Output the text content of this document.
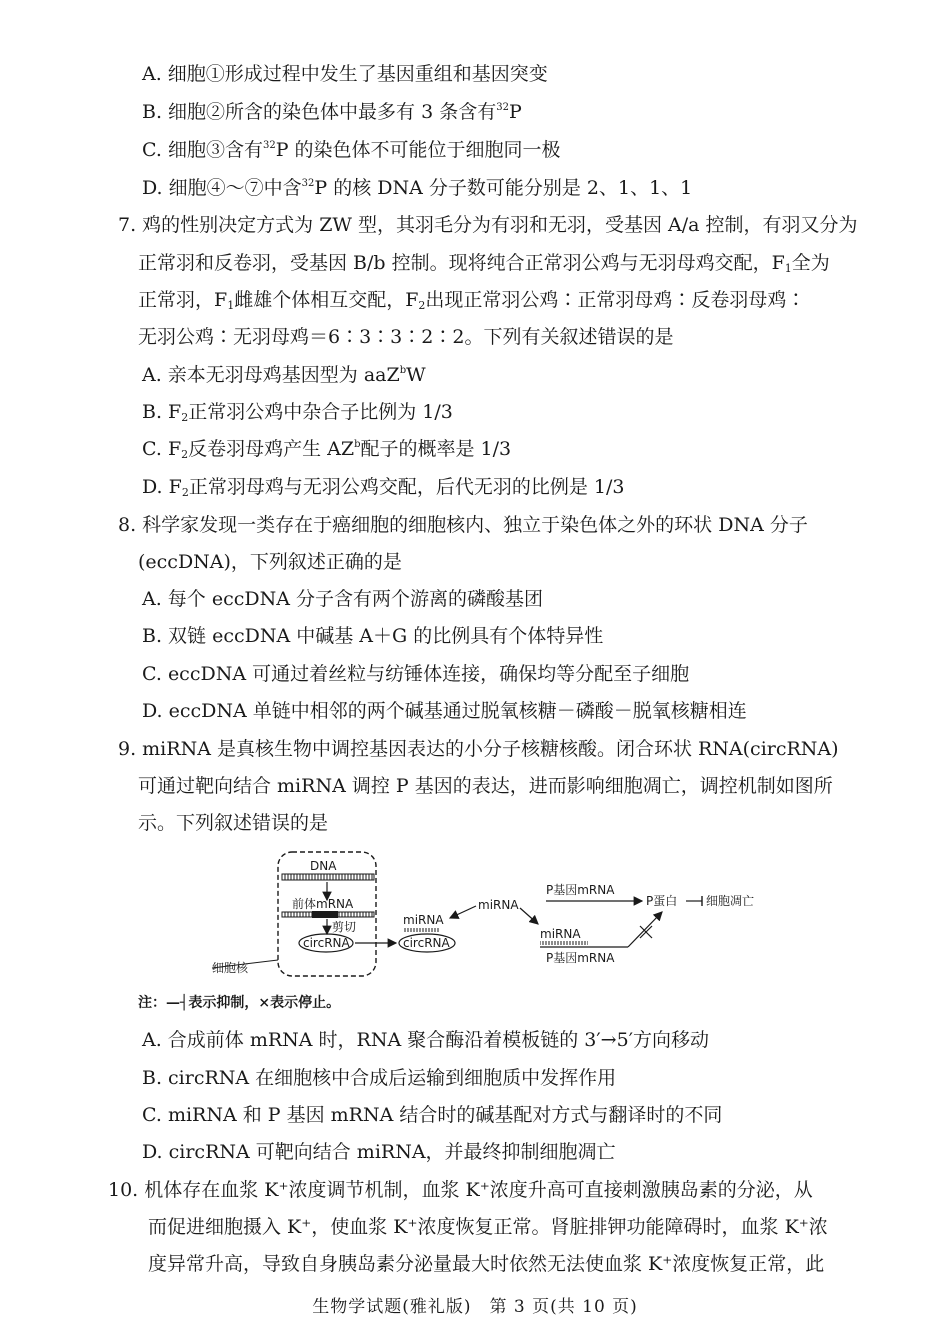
A. 细胞①形成过程中发生了基因重组和基因突变
B. 细胞②所含的染色体中最多有 3 条含有$^{32}$P
C. 细胞③含有$^{32}$P 的染色体不可能位于细胞同一极
D. 细胞④～⑦中含$^{32}$P 的核 DNA 分子数可能分别是 2、1、1、1
7. 鸡的性别决定方式为 ZW 型，其羽毛分为有羽和无羽，受基因 A/a 控制，有羽又分为
正常羽和反卷羽，受基因 B/b 控制。现将纯合正常羽公鸡与无羽母鸡交配，$F_1$全为
正常羽，$F_1$雌雄个体相互交配，$F_2$出现正常羽公鸡∶正常羽母鸡∶反卷羽母鸡∶
无羽公鸡∶无羽母鸡＝6∶3∶3∶2∶2。下列有关叙述错误的是
A. 亲本无羽母鸡基因型为 aaZ$^b$W
B. $F_2$正常羽公鸡中杂合子比例为 1/3
C. $F_2$反卷羽母鸡产生 $AZ^b$配子的概率是 1/3
D. $F_2$正常羽母鸡与无羽公鸡交配，后代无羽的比例是 1/3
8. 科学家发现一类存在于癌细胞的细胞核内、独立于染色体之外的环状 DNA 分子
(eccDNA)，下列叙述正确的是
A. 每个 eccDNA 分子含有两个游离的磷酸基团
B. 双链 eccDNA 中碱基 A＋G 的比例具有个体特异性
C. eccDNA 可通过着丝粒与纺锤体连接，确保均等分配至子细胞
D. eccDNA 单链中相邻的两个碱基通过脱氧核糖－磷酸－脱氧核糖相连
9. miRNA 是真核生物中调控基因表达的小分子核糖核酸。闭合环状 RNA(circRNA)
可通过靶向结合 miRNA 调控 P 基因的表达，进而影响细胞凋亡，调控机制如图所
示。下列叙述错误的是
细胞核
DNA
前体mRNA
剪切
circRNA
miRNA
circRNA
miRNA
P基因mRNA
P蛋白 细胞凋亡
miRNA
P基因mRNA
注：—┤表示抑制，×表示停止。
A. 合成前体 mRNA 时，RNA 聚合酶沿着模板链的 3′→5′方向移动
B. circRNA 在细胞核中合成后运输到细胞质中发挥作用
C. miRNA 和 P 基因 mRNA 结合时的碱基配对方式与翻译时的不同
D. circRNA 可靶向结合 miRNA，并最终抑制细胞凋亡
10. 机体存在血浆 K⁺浓度调节机制，血浆 K⁺浓度升高可直接刺激胰岛素的分泌，从
而促进细胞摄入 K⁺，使血浆 K⁺浓度恢复正常。肾脏排钾功能障碍时，血浆 K⁺浓
度异常升高，导致自身胰岛素分泌量最大时依然无法使血浆 K⁺浓度恢复正常，此
生物学试题(雅礼版)　第 3 页(共 10 页)
